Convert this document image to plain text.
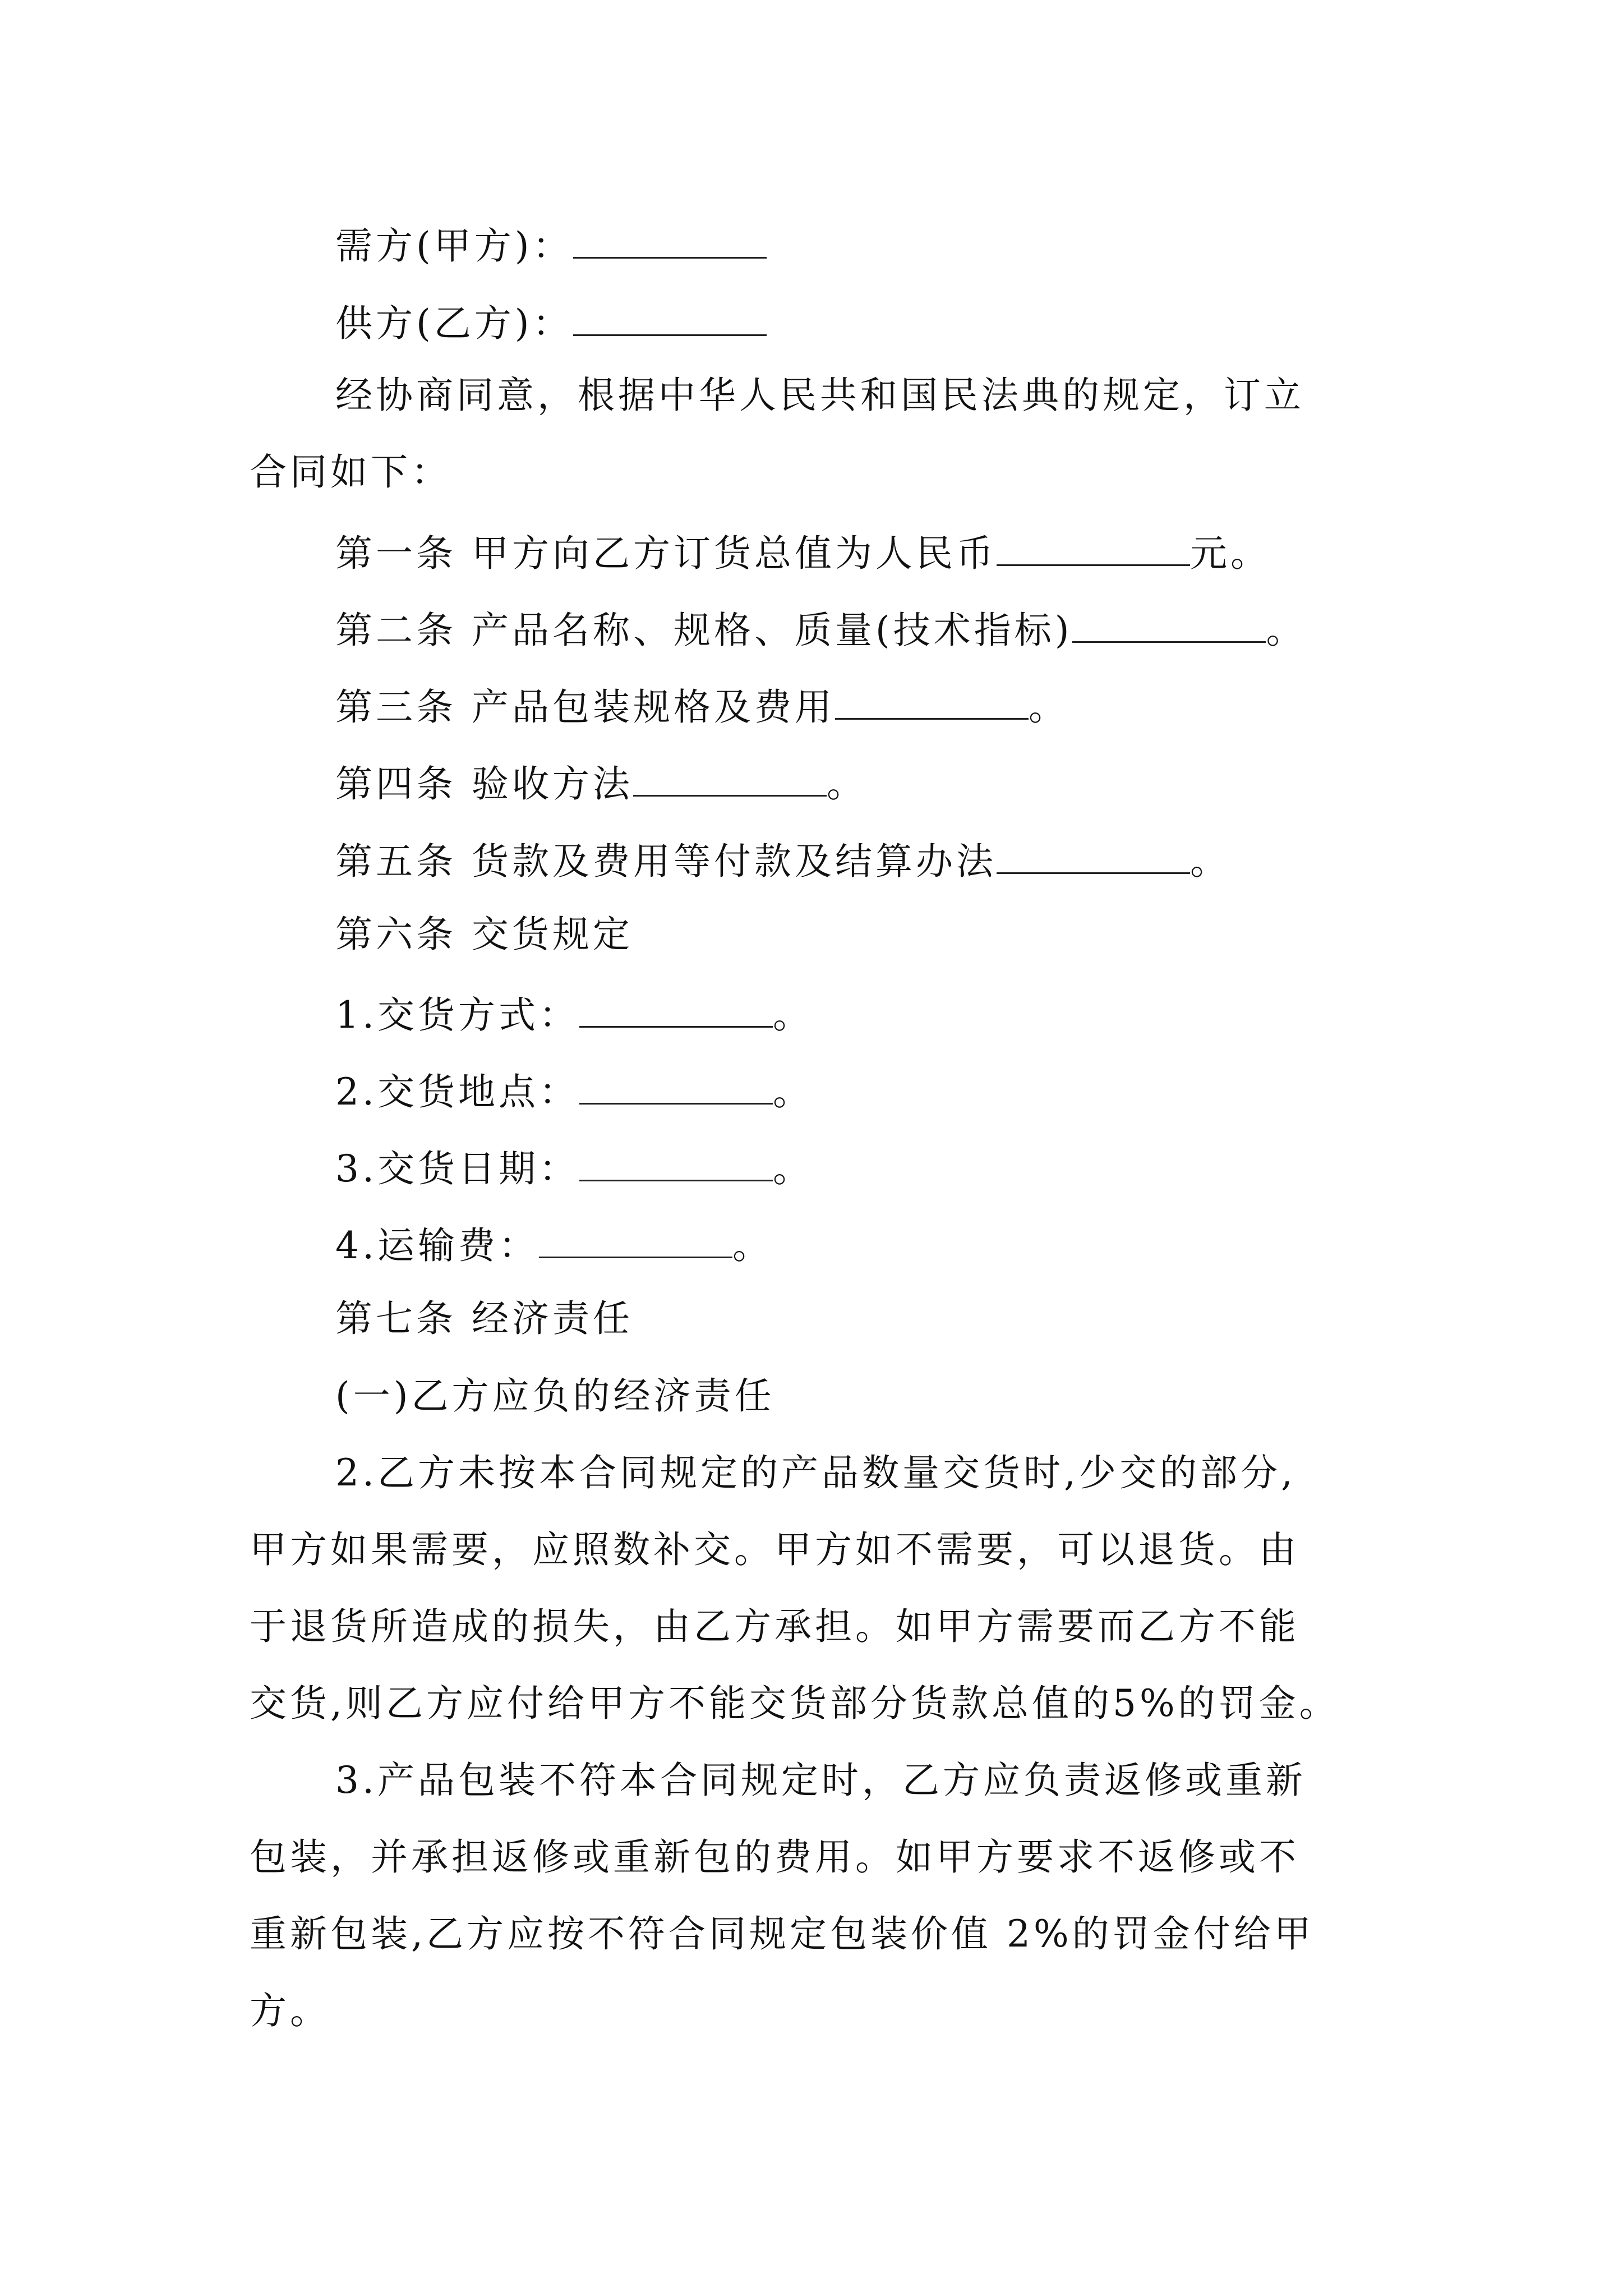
需方(甲方)：
供方(乙方)：
经协商同意，根据中华人民共和国民法典的规定，订立
合同如下：
第一条 甲方向乙方订货总值为人民币	元。
第二条 产品名称、规格、质量(技术指标)	。
第三条 产品包装规格及费用	。
第四条 验收方法	。
第五条 货款及费用等付款及结算办法	。
第六条 交货规定
1.交货方式：	。
2.交货地点：	。
3.交货日期：	。
4.运输费：	。
第七条 经济责任
(一)乙方应负的经济责任
2.乙方未按本合同规定的产品数量交货时,少交的部分,
甲方如果需要，应照数补交。甲方如不需要，可以退货。由
于退货所造成的损失，由乙方承担。如甲方需要而乙方不能
交货,则乙方应付给甲方不能交货部分货款总值的5%的罚金。
3.产品包装不符本合同规定时，乙方应负责返修或重新
包装，并承担返修或重新包的费用。如甲方要求不返修或不
重新包装,乙方应按不符合同规定包装价值 2%的罚金付给甲
方。
